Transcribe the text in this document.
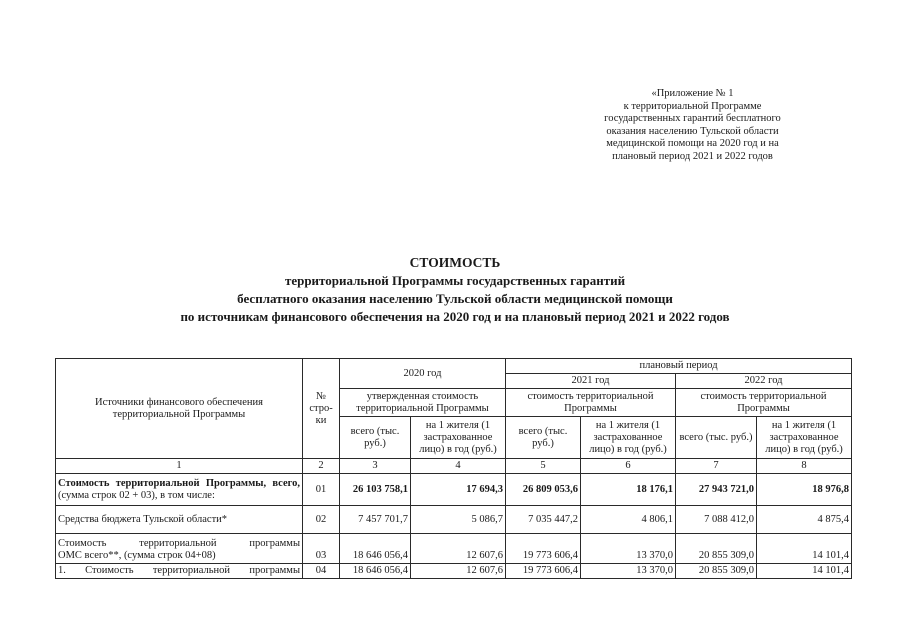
«Приложение № 1
к территориальной Программе
государственных гарантий бесплатного
оказания населению Тульской области
медицинской помощи на 2020 год и на
плановый период 2021 и 2022 годов
СТОИМОСТЬ
территориальной Программы государственных гарантий
бесплатного оказания населению Тульской области медицинской помощи
по источникам финансового обеспечения на 2020 год и на плановый период 2021 и 2022 годов
Источники финансового обеспечения территориальной Программы	№ стро-ки	2020 год		плановый период			
				2021 год		2022 год	
		утвержденная стоимость территориальной Программы		стоимость территориальной Программы		стоимость территориальной Программы	
		всего (тыс. руб.)	на 1 жителя (1 застрахованное лицо) в год (руб.)	всего (тыс. руб.)	на 1 жителя (1 застрахованное лицо) в год (руб.)	всего (тыс. руб.)	на 1 жителя (1 застрахованное лицо) в год (руб.)
1	2	3	4	5	6	7	8

Стоимость территориальной Программы, всего,
(сумма строк 02 + 03), в том числе:	01	26 103 758,1	17 694,3	26 809 053,6	18 176,1	27 943 721,0	18 976,8
Средства бюджета Тульской области*	02	7 457 701,7	5 086,7	7 035 447,2	4 806,1	7 088 412,0	4 875,4

Стоимость территориальной программы
ОМС всего**, (сумма строк 04+08)	03	18 646 056,4	12 607,6	19 773 606,4	13 370,0	20 855 309,0	14 101,4

1. Стоимость территориальной программы	04	18 646 056,4	12 607,6	19 773 606,4	13 370,0	20 855 309,0	14 101,4
